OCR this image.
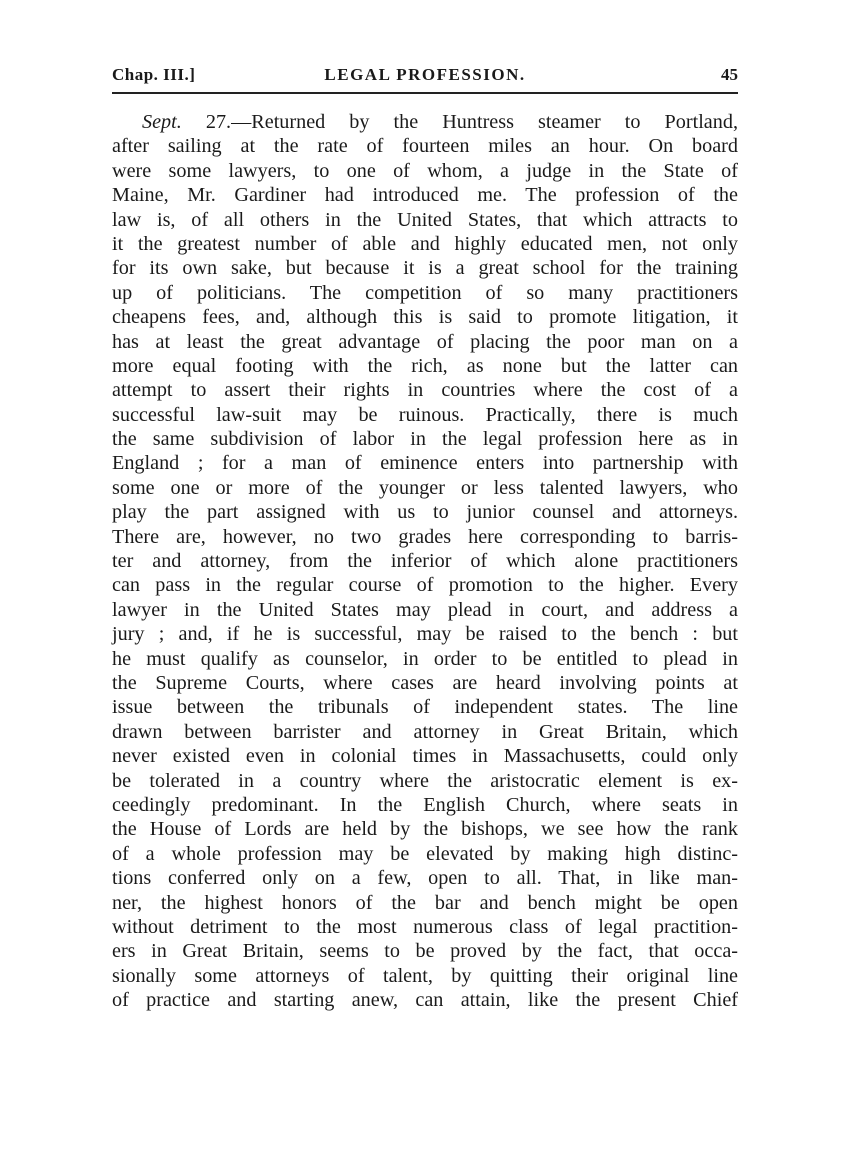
Chap. III.]	LEGAL PROFESSION.	45
Sept. 27.—Returned by the Huntress steamer to Portland,
after sailing at the rate of fourteen miles an hour. On board
were some lawyers, to one of whom, a judge in the State of
Maine, Mr. Gardiner had introduced me. The profession of the
law is, of all others in the United States, that which attracts to
it the greatest number of able and highly educated men, not only
for its own sake, but because it is a great school for the training
up of politicians. The competition of so many practitioners
cheapens fees, and, although this is said to promote litigation, it
has at least the great advantage of placing the poor man on a
more equal footing with the rich, as none but the latter can
attempt to assert their rights in countries where the cost of a
successful law-suit may be ruinous. Practically, there is much
the same subdivision of labor in the legal profession here as in
England ; for a man of eminence enters into partnership with
some one or more of the younger or less talented lawyers, who
play the part assigned with us to junior counsel and attorneys.
There are, however, no two grades here corresponding to barris-
ter and attorney, from the inferior of which alone practitioners
can pass in the regular course of promotion to the higher. Every
lawyer in the United States may plead in court, and address a
jury ; and, if he is successful, may be raised to the bench : but
he must qualify as counselor, in order to be entitled to plead in
the Supreme Courts, where cases are heard involving points at
issue between the tribunals of independent states. The line
drawn between barrister and attorney in Great Britain, which
never existed even in colonial times in Massachusetts, could only
be tolerated in a country where the aristocratic element is ex-
ceedingly predominant. In the English Church, where seats in
the House of Lords are held by the bishops, we see how the rank
of a whole profession may be elevated by making high distinc-
tions conferred only on a few, open to all. That, in like man-
ner, the highest honors of the bar and bench might be open
without detriment to the most numerous class of legal practition-
ers in Great Britain, seems to be proved by the fact, that occa-
sionally some attorneys of talent, by quitting their original line
of practice and starting anew, can attain, like the present Chief
